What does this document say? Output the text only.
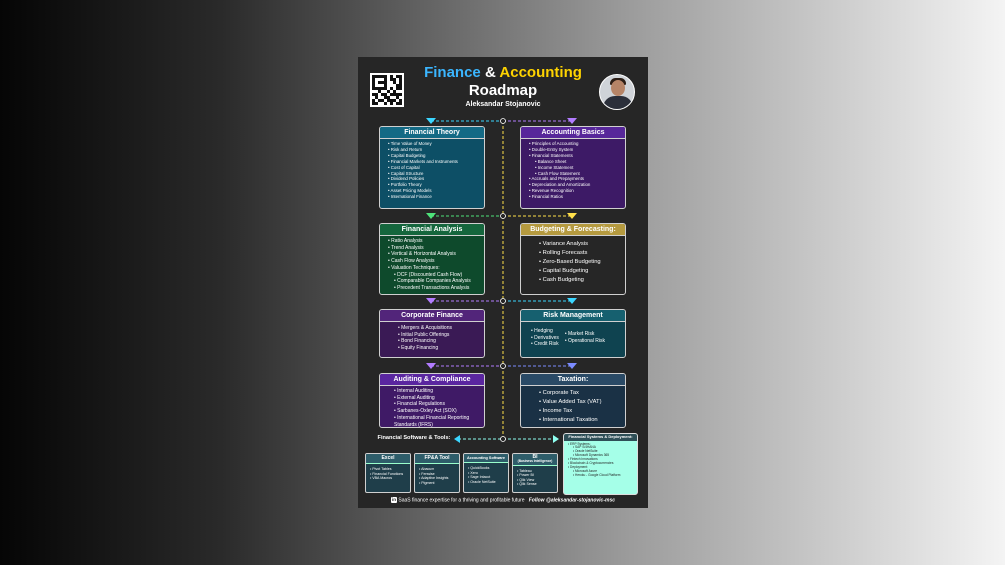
Finance & Accounting
Roadmap
Aleksandar Stojanovic
Financial Theory
• Time Value of Money
• Risk and Return
• Capital Budgeting
• Financial Markets and Instruments
• Cost of Capital
• Capital Structure
• Dividend Policies
• Portfolio Theory
• Asset Pricing Models
• International Finance
Accounting Basics
• Principles of Accounting
• Double-Entry System
• Financial Statements
• Balance Sheet
• Income Statement
• Cash Flow Statement
• Accruals and Prepayments
• Depreciation and Amortization
• Revenue Recognition
• Financial Ratios
Financial Analysis
• Ratio Analysis
• Trend Analysis
• Vertical & Horizontal Analysis
• Cash Flow Analysis
• Valuation Techniques:
• DCF (Discounted Cash Flow)
• Comparable Companies Analysis
• Precedent Transactions Analysis
Budgeting & Forecasting:
• Variance Analysis
• Rolling Forecasts
• Zero-Based Budgeting
• Capital Budgeting
• Cash Budgeting
Corporate Finance
• Mergers & Acquisitions
• Initial Public Offerings
• Bond Financing
• Equity Financing
Risk Management
• Hedging
• Derivatives
• Credit Risk
• Market Risk
• Operational Risk
Auditing & Compliance
• Internal Auditing
• External Auditing
• Financial Regulations
• Sarbanes-Oxley Act (SOX)
• International Financial Reporting Standards (IFRS)
Taxation:
• Corporate Tax
• Value Added Tax (VAT)
• Income Tax
• International Taxation
Financial Software & Tools:
Excel
• Pivot Tables
• Financial Functions
• VBA Macros
FP&A Tool
• Abacum
• Fenwise
• Adaptive Insights
• Pigment
Accounting Software
• QuickBooks
• Xero
• Sage Intacct
• Oracle NetSuite
BI
(Business Intelligence)
• Tableau
• Power BI
• Qlik View
• Qlik Sense
Financial Systems & Deployment:
• ERP Systems:
• SAP S/4HANA
• Oracle NetSuite
• Microsoft Dynamics 365
• Fintech Innovations
• Blockchain & Cryptocurrencies
• Deployment:
• Microsoft Azure
• Heroku - Google Cloud Platform
in SaaS finance expertise for a thriving and profitable future Follow @aleksandar-stojanovic-msc
